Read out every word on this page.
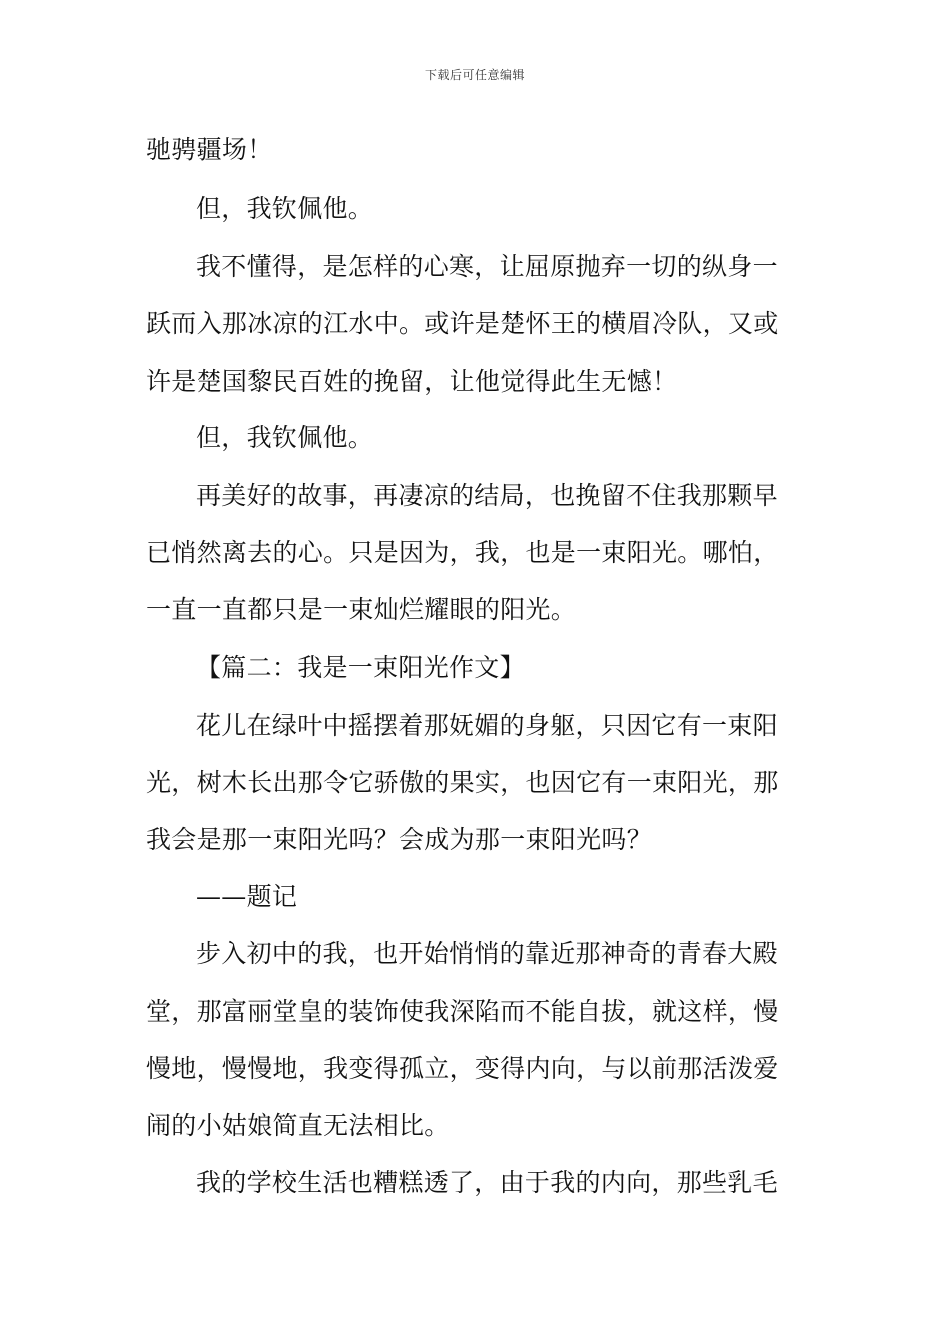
下载后可任意编辑
驰骋疆场！
但，我钦佩他。
我不懂得，是怎样的心寒，让屈原抛弃一切的纵身一
跃而入那冰凉的江水中。或许是楚怀王的横眉冷队，又或
许是楚国黎民百姓的挽留，让他觉得此生无憾！
但，我钦佩他。
再美好的故事，再凄凉的结局，也挽留不住我那颗早
已悄然离去的心。只是因为，我，也是一束阳光。哪怕，
一直一直都只是一束灿烂耀眼的阳光。
【篇二：我是一束阳光作文】
花儿在绿叶中摇摆着那妩媚的身躯，只因它有一束阳
光，树木长出那令它骄傲的果实，也因它有一束阳光，那
我会是那一束阳光吗？会成为那一束阳光吗？
——题记
步入初中的我，也开始悄悄的靠近那神奇的青春大殿
堂，那富丽堂皇的装饰使我深陷而不能自拔，就这样，慢
慢地，慢慢地，我变得孤立，变得内向，与以前那活泼爱
闹的小姑娘简直无法相比。
我的学校生活也糟糕透了，由于我的内向，那些乳毛
